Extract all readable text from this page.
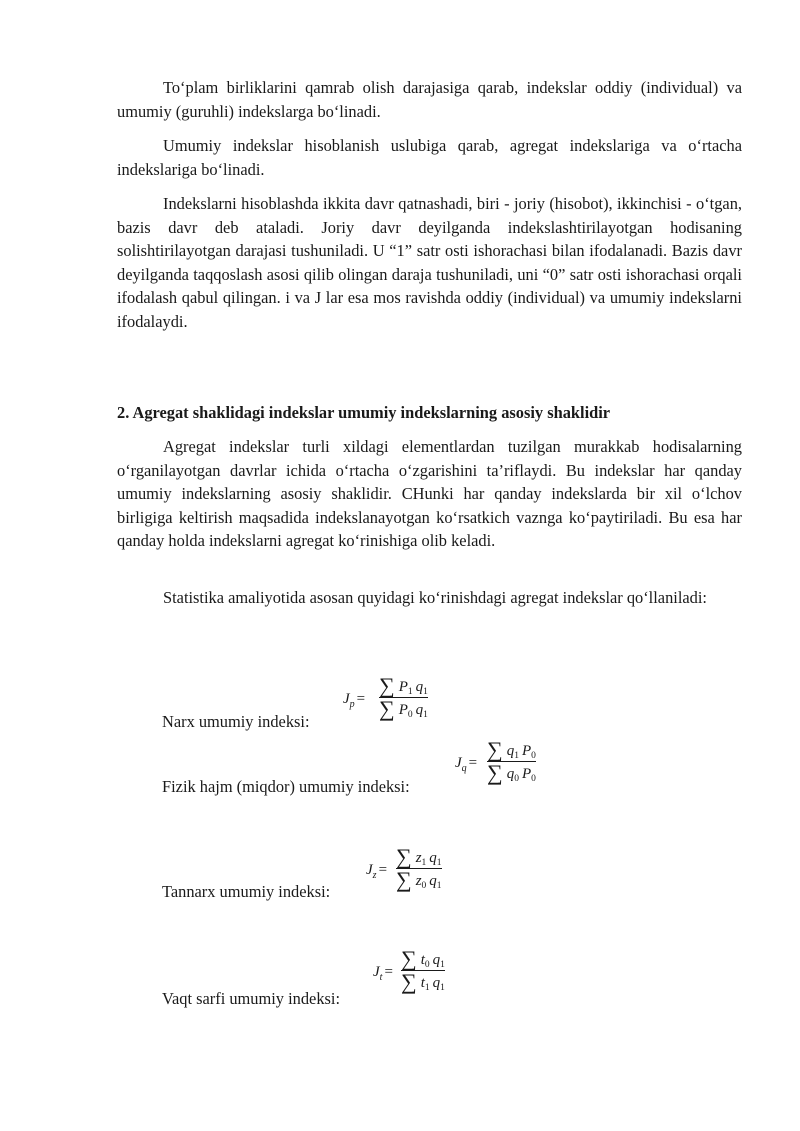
To‘plam birliklarini qamrab olish darajasiga qarab, indekslar oddiy (individual) va umumiy (guruhli) indekslarga bo‘linadi.

Umumiy indekslar hisoblanish uslubiga qarab, agregat indekslariga va o‘rtacha indekslariga bo‘linadi.

Indekslarni hisoblashda ikkita davr qatnashadi, biri - joriy (hisobot), ikkinchisi - o‘tgan, bazis davr deb ataladi. Joriy davr deyilganda indekslashtirilayotgan hodisaning solishtirilayotgan darajasi tushuniladi. U “1” satr osti ishorachasi bilan ifodalanadi. Bazis davr deyilganda taqqoslash asosi qilib olingan daraja tushuniladi, uni “0” satr osti ishorachasi orqali ifodalash qabul qilingan. i va J lar esa mos ravishda oddiy (individual) va umumiy indekslarni ifodalaydi.

2. Agregat shaklidagi indekslar umumiy indekslarning asosiy shaklidir

Agregat indekslar turli xildagi elementlardan tuzilgan murakkab hodisalarning o‘rganilayotgan davrlar ichida o‘rtacha o‘zgarishini ta’riflaydi. Bu indekslar har qanday umumiy indekslarning asosiy shaklidir. CHunki har qanday indekslarda bir xil o‘lchov birligiga keltirish maqsadida indekslanayotgan ko‘rsatkich vaznga ko‘paytiriladi. Bu esa har qanday holda indekslarni agregat ko‘rinishiga olib keladi.

Statistika amaliyotida asosan quyidagi ko‘rinishdagi agregat indekslar qo‘llaniladi:

Narx umumiy indeksi:
$J_p$ =
∑ $P_1$  $q_1$
∑ $P_0$  $q_1$
Fizik hajm (miqdor) umumiy indeksi:
$J_q$ =
∑ $q_1$  $P_0$
∑ $q_0$  $P_0$
Tannarx umumiy indeksi:
$J_z$ =
∑ $z_1$  $q_1$
∑ $z_0$  $q_1$
Vaqt sarfi umumiy indeksi:
$J_t$ =
∑ $t_0$  $q_1$
∑ $t_1$  $q_1$
